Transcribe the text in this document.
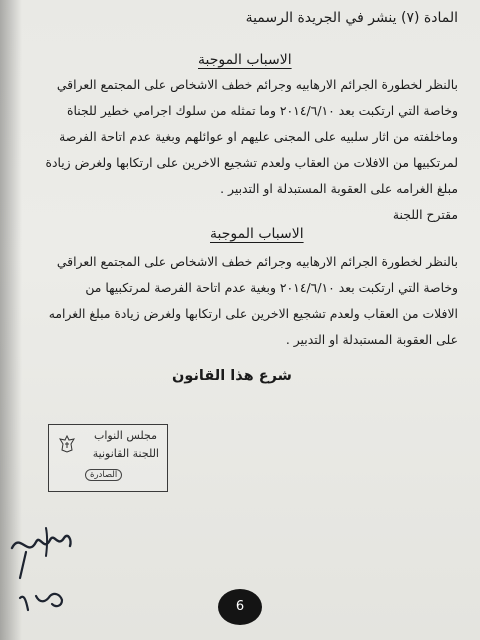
المادة (٧) ينشر في الجريدة الرسمية
الاسباب الموجبة
بالنظر لخطورة الجرائم الارهابيه وجرائم خطف الاشخاص على المجتمع العراقي
وخاصة التي ارتكبت بعد ٢٠١٤/٦/١٠ وما تمثله من سلوك اجرامي خطير للجناة
وماخلفته من اثار سلبيه على المجنى عليهم او عوائلهم وبغية عدم اتاحة الفرصة
لمرتكبيها من الافلات من العقاب ولعدم تشجيع الاخرين على ارتكابها ولغرض زيادة
مبلغ الغرامه على العقوبة المستبدلة او التدبير .
مقترح اللجنة
الاسباب الموجبة
بالنظر لخطورة الجرائم الارهابيه وجرائم خطف الاشخاص على المجتمع العراقي
وخاصة التي ارتكبت بعد ٢٠١٤/٦/١٠ وبغية عدم اتاحة الفرصة لمرتكبيها من
الافلات من العقاب ولعدم تشجيع الاخرين على ارتكابها ولغرض زيادة مبلغ الغرامه
على العقوبة المستبدلة او التدبير .
شرع هذا القانون
مجلس النواب
اللجنة القانونية
الصادرة
6
